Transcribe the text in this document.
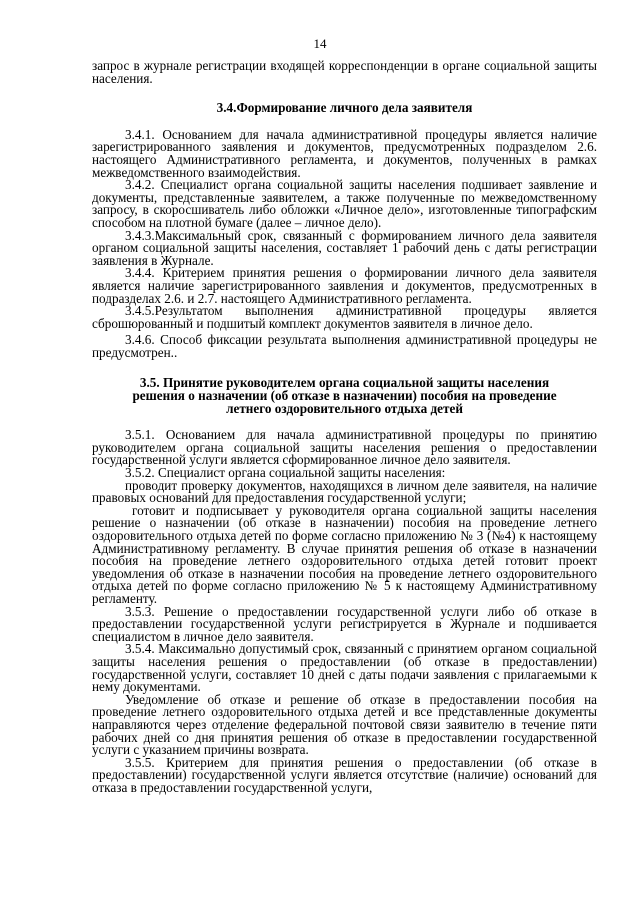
14

запрос в журнале регистрации входящей корреспонденции в органе социальной защиты населения.

3.4.Формирование личного дела заявителя

3.4.1. Основанием для начала административной процедуры является наличие зарегистрированного заявления и документов, предусмотренных подразделом 2.6. настоящего Административного регламента, и документов, полученных в рамках межведомственного взаимодействия.

3.4.2. Специалист органа социальной защиты населения подшивает заявление и документы, представленные заявителем, а также полученные по межведомственному запросу, в скоросшиватель либо обложки «Личное дело», изготовленные типографским способом на плотной бумаге (далее – личное дело).

3.4.3.Максимальный срок, связанный с формированием личного дела заявителя органом социальной защиты населения, составляет 1 рабочий день с даты регистрации заявления в Журнале.

3.4.4. Критерием принятия решения о формировании личного дела заявителя является наличие зарегистрированного заявления и документов, предусмотренных в подразделах 2.6. и 2.7. настоящего Административного регламента.

3.4.5.Результатом выполнения административной процедуры является сброшюрованный и подшитый комплект документов заявителя в личное дело.

3.4.6. Способ фиксации результата выполнения административной процедуры не предусмотрен..

3.5. Принятие руководителем органа социальной защиты населения
решения о назначении (об отказе в назначении) пособия на проведение
летнего оздоровительного отдыха детей

3.5.1. Основанием для начала административной процедуры по принятию руководителем органа социальной защиты населения решения о предоставлении государственной услуги является сформированное личное дело заявителя.

3.5.2. Специалист органа социальной защиты населения:

проводит проверку документов, находящихся в личном деле заявителя, на наличие правовых оснований для предоставления государственной услуги;

готовит и подписывает у руководителя органа социальной защиты населения решение о назначении (об отказе в назначении) пособия на проведение летнего оздоровительного отдыха детей по форме согласно приложению № 3 (№4) к настоящему Административному регламенту. В случае принятия решения об отказе в назначении пособия на проведение летнего оздоровительного отдыха детей готовит проект уведомления об отказе в назначении пособия на проведение летнего оздоровительного отдыха детей по форме согласно приложению № 5 к настоящему Административному регламенту.

3.5.3. Решение о предоставлении государственной услуги либо об отказе в предоставлении государственной услуги регистрируется в Журнале и подшивается специалистом в личное дело заявителя.

3.5.4. Максимально допустимый срок, связанный с принятием органом социальной защиты населения решения о предоставлении (об отказе в предоставлении) государственной услуги, составляет 10 дней с даты подачи заявления с прилагаемыми к нему документами.

Уведомление об отказе и решение об отказе в предоставлении пособия на проведение летнего оздоровительного отдыха детей и все представленные документы направляются через отделение федеральной почтовой связи заявителю в течение пяти рабочих дней со дня принятия решения об отказе в предоставлении государственной услуги с указанием причины возврата.

3.5.5. Критерием для принятия решения о предоставлении (об отказе в предоставлении) государственной услуги является отсутствие (наличие) оснований для отказа в предоставлении государственной услуги,
